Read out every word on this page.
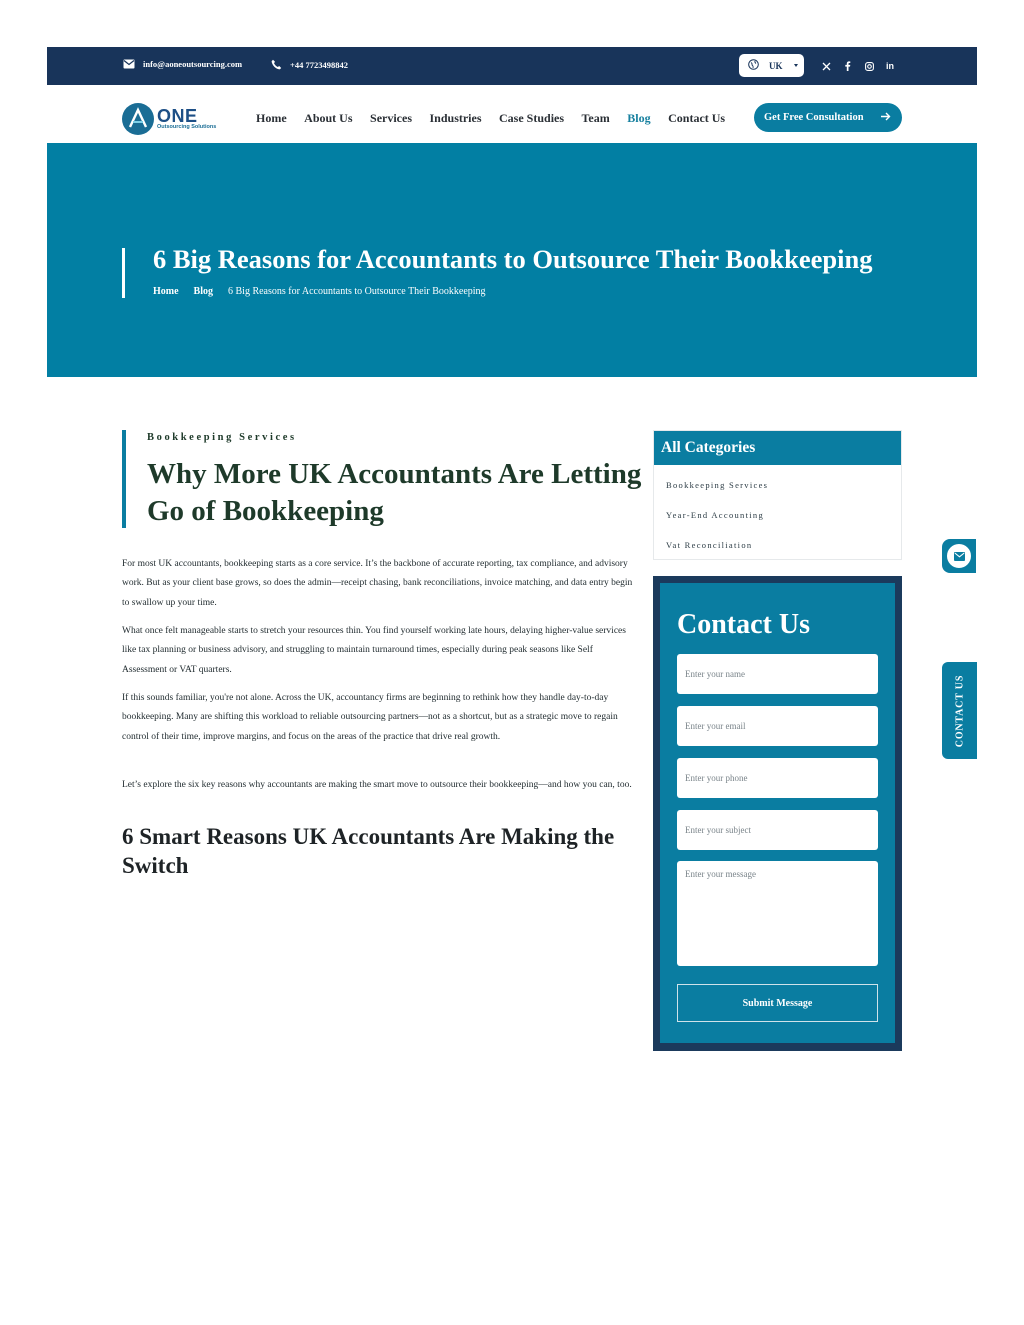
info@aoneoutsourcing.com	+44 7723498842	UK	in
ONE
Outsourcing Solutions
Home About Us Services Industries Case Studies Team Blog Contact Us	Get Free Consultation
6 Big Reasons for Accountants to Outsource Their Bookkeeping
Home Blog 6 Big Reasons for Accountants to Outsource Their Bookkeeping
Bookkeeping Services
Why More UK Accountants Are Letting Go of Bookkeeping

For most UK accountants, bookkeeping starts as a core service. It’s the backbone of accurate reporting, tax compliance, and advisory work. But as your client base grows, so does the admin—receipt chasing, bank reconciliations, invoice matching, and data entry begin to swallow up your time.

What once felt manageable starts to stretch your resources thin. You find yourself working late hours, delaying higher-value services like tax planning or business advisory, and struggling to maintain turnaround times, especially during peak seasons like Self Assessment or VAT quarters.

If this sounds familiar, you're not alone. Across the UK, accountancy firms are beginning to rethink how they handle day-to-day bookkeeping. Many are shifting this workload to reliable outsourcing partners—not as a shortcut, but as a strategic move to regain control of their time, improve margins, and focus on the areas of the practice that drive real growth.

Let’s explore the six key reasons why accountants are making the smart move to outsource their bookkeeping—and how you can, too.

6 Smart Reasons UK Accountants Are Making the Switch
All Categories
Bookkeeping Services
Year-End Accounting
Vat Reconciliation
Contact Us
Enter your name
Enter your email
Enter your phone
Enter your subject
Enter your message
Submit Message
CONTACT US
